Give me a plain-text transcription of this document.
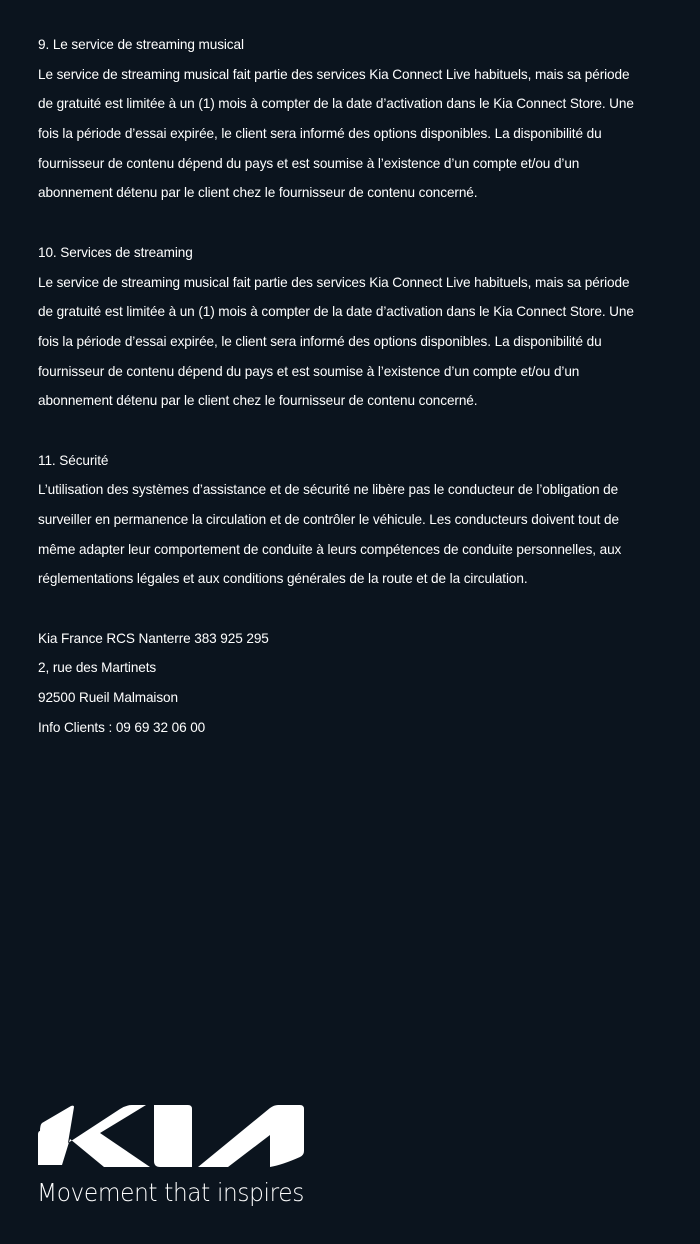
9. Le service de streaming musical
Le service de streaming musical fait partie des services Kia Connect Live habituels, mais sa période
de gratuité est limitée à un (1) mois à compter de la date d’activation dans le Kia Connect Store. Une
fois la période d’essai expirée, le client sera informé des options disponibles. La disponibilité du
fournisseur de contenu dépend du pays et est soumise à l’existence d’un compte et/ou d’un
abonnement détenu par le client chez le fournisseur de contenu concerné.
10. Services de streaming
Le service de streaming musical fait partie des services Kia Connect Live habituels, mais sa période
de gratuité est limitée à un (1) mois à compter de la date d’activation dans le Kia Connect Store. Une
fois la période d’essai expirée, le client sera informé des options disponibles. La disponibilité du
fournisseur de contenu dépend du pays et est soumise à l’existence d’un compte et/ou d’un
abonnement détenu par le client chez le fournisseur de contenu concerné.
11. Sécurité
L’utilisation des systèmes d’assistance et de sécurité ne libère pas le conducteur de l’obligation de
surveiller en permanence la circulation et de contrôler le véhicule. Les conducteurs doivent tout de
même adapter leur comportement de conduite à leurs compétences de conduite personnelles, aux
réglementations légales et aux conditions générales de la route et de la circulation.
Kia France RCS Nanterre 383 925 295
2, rue des Martinets
92500 Rueil Malmaison
Info Clients : 09 69 32 06 00
Movement that inspires
